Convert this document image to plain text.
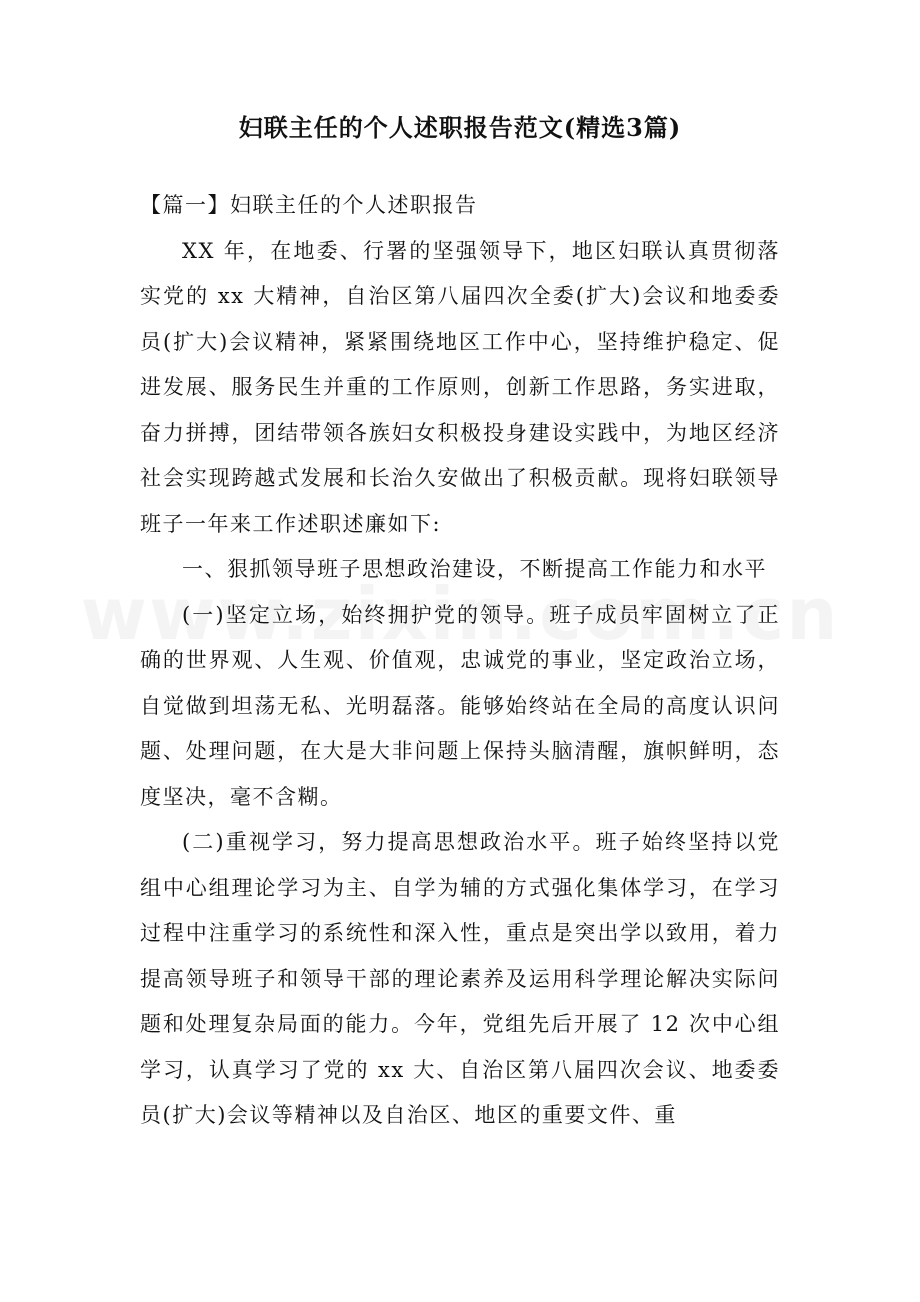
妇联主任的个人述职报告范文(精选3篇)

【篇一】妇联主任的个人述职报告

XX 年，在地委、行署的坚强领导下，地区妇联认真贯彻落实党的 xx 大精神，自治区第八届四次全委(扩大)会议和地委委员(扩大)会议精神，紧紧围绕地区工作中心，坚持维护稳定、促进发展、服务民生并重的工作原则，创新工作思路，务实进取，奋力拼搏，团结带领各族妇女积极投身建设实践中，为地区经济社会实现跨越式发展和长治久安做出了积极贡献。现将妇联领导班子一年来工作述职述廉如下:

一、狠抓领导班子思想政治建设，不断提高工作能力和水平

(一)坚定立场，始终拥护党的领导。班子成员牢固树立了正确的世界观、人生观、价值观，忠诚党的事业，坚定政治立场，自觉做到坦荡无私、光明磊落。能够始终站在全局的高度认识问题、处理问题，在大是大非问题上保持头脑清醒，旗帜鲜明，态度坚决，毫不含糊。

(二)重视学习，努力提高思想政治水平。班子始终坚持以党组中心组理论学习为主、自学为辅的方式强化集体学习，在学习过程中注重学习的系统性和深入性，重点是突出学以致用，着力提高领导班子和领导干部的理论素养及运用科学理论解决实际问题和处理复杂局面的能力。今年，党组先后开展了 12 次中心组学习，认真学习了党的 xx 大、自治区第八届四次会议、地委委员(扩大)会议等精神以及自治区、地区的重要文件、重
